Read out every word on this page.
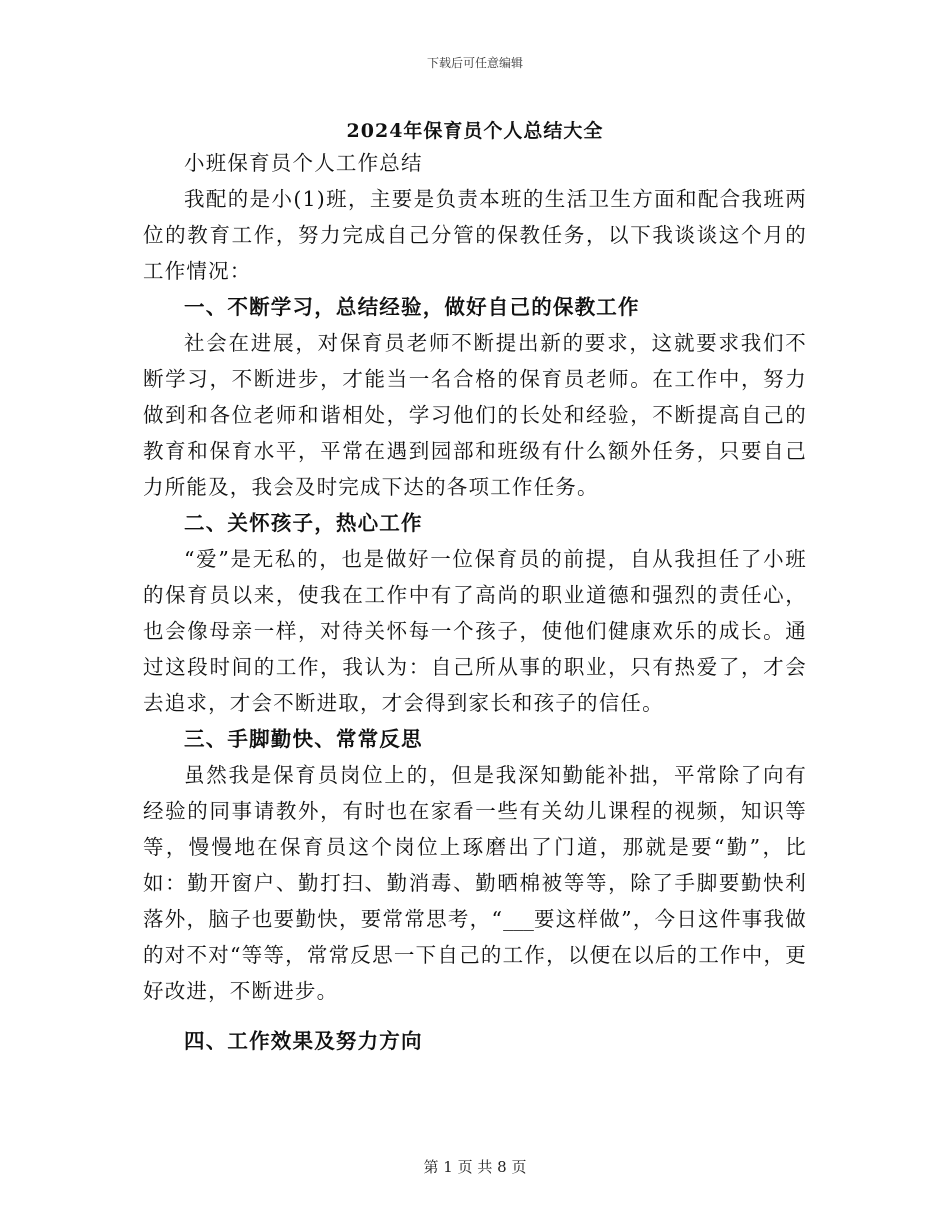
下载后可任意编辑
2024年保育员个人总结大全

小班保育员个人工作总结

我配的是小(1)班，主要是负责本班的生活卫生方面和配合我班两位的教育工作，努力完成自己分管的保教任务，以下我谈谈这个月的工作情况：

一、不断学习，总结经验，做好自己的保教工作

社会在进展，对保育员老师不断提出新的要求，这就要求我们不断学习，不断进步，才能当一名合格的保育员老师。在工作中，努力做到和各位老师和谐相处，学习他们的长处和经验，不断提高自己的教育和保育水平，平常在遇到园部和班级有什么额外任务，只要自己力所能及，我会及时完成下达的各项工作任务。

二、关怀孩子，热心工作

“爱”是无私的，也是做好一位保育员的前提，自从我担任了小班的保育员以来，使我在工作中有了高尚的职业道德和强烈的责任心，也会像母亲一样，对待关怀每一个孩子，使他们健康欢乐的成长。通过这段时间的工作，我认为：自己所从事的职业，只有热爱了，才会去追求，才会不断进取，才会得到家长和孩子的信任。

三、手脚勤快、常常反思

虽然我是保育员岗位上的，但是我深知勤能补拙，平常除了向有经验的同事请教外，有时也在家看一些有关幼儿课程的视频，知识等等，慢慢地在保育员这个岗位上琢磨出了门道，那就是要“勤”，比如：勤开窗户、勤打扫、勤消毒、勤晒棉被等等，除了手脚要勤快利落外，脑子也要勤快，要常常思考，“___要这样做”，今日这件事我做的对不对“等等，常常反思一下自己的工作，以便在以后的工作中，更好改进，不断进步。

四、工作效果及努力方向
第 1 页 共 8 页
